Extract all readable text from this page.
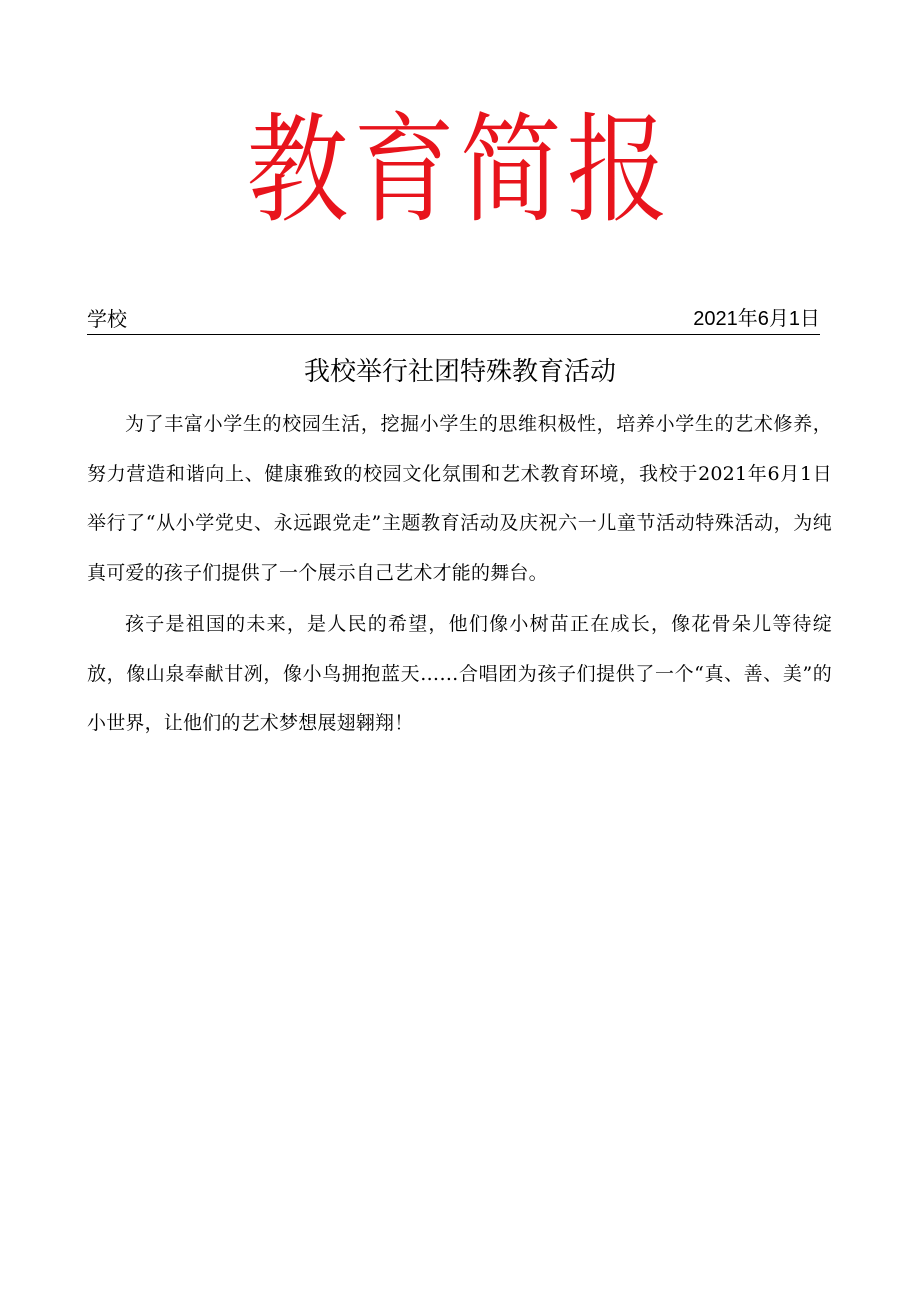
教育简报
学校	2021年6月1日
我校举行社团特殊教育活动

为了丰富小学生的校园生活，挖掘小学生的思维积极性，培养小学生的艺术修养，努力营造和谐向上、健康雅致的校园文化氛围和艺术教育环境，我校于2021年6月1日举行了“从小学党史、永远跟党走”主题教育活动及庆祝六一儿童节活动特殊活动，为纯真可爱的孩子们提供了一个展示自己艺术才能的舞台。

孩子是祖国的未来，是人民的希望，他们像小树苗正在成长，像花骨朵儿等待绽放，像山泉奉献甘冽，像小鸟拥抱蓝天……合唱团为孩子们提供了一个“真、善、美”的小世界，让他们的艺术梦想展翅翱翔！
